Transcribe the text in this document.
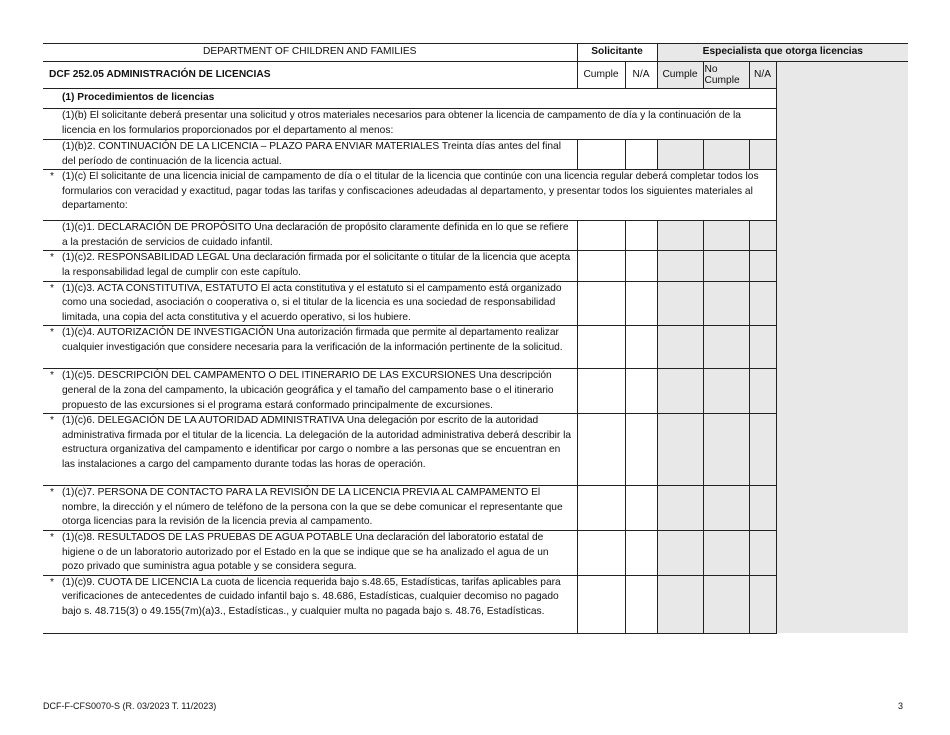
DEPARTMENT OF CHILDREN AND FAMILIES	Solicitante		Especialista que otorga licencias			
DCF 252.05 ADMINISTRACIÓN DE LICENCIAS	Cumple	N/A	Cumple	No Cumple	N/A	
(1) Procedimientos de licencias						

(1)(b) El solicitante deberá presentar una solicitud y otros materiales necesarios para obtener la licencia de campamento de día y la continuación de la licencia en los formularios proporcionados por el departamento al menos:						

(1)(b)2. CONTINUACIÓN DE LA LICENCIA – PLAZO PARA ENVIAR MATERIALES Treinta días antes del final del período de continuación de la licencia actual.						

* (1)(c) El solicitante de una licencia inicial de campamento de día o el titular de la licencia que continúe con una licencia regular deberá completar todos los formularios con veracidad y exactitud, pagar todas las tarifas y confiscaciones adeudadas al departamento, y presentar todos los siguientes materiales al departamento:						

(1)(c)1. DECLARACIÓN DE PROPÓSITO Una declaración de propósito claramente definida en lo que se refiere a la prestación de servicios de cuidado infantil.						

* (1)(c)2. RESPONSABILIDAD LEGAL Una declaración firmada por el solicitante o titular de la licencia que acepta la responsabilidad legal de cumplir con este capítulo.						

* (1)(c)3. ACTA CONSTITUTIVA, ESTATUTO El acta constitutiva y el estatuto si el campamento está organizado como una sociedad, asociación o cooperativa o, si el titular de la licencia es una sociedad de responsabilidad limitada, una copia del acta constitutiva y el acuerdo operativo, si los hubiere.						

* (1)(c)4. AUTORIZACIÓN DE INVESTIGACIÓN Una autorización firmada que permite al departamento realizar cualquier investigación que considere necesaria para la verificación de la información pertinente de la solicitud.						

* (1)(c)5. DESCRIPCIÓN DEL CAMPAMENTO O DEL ITINERARIO DE LAS EXCURSIONES Una descripción general de la zona del campamento, la ubicación geográfica y el tamaño del campamento base o el itinerario propuesto de las excursiones si el programa estará conformado principalmente de excursiones.						

* (1)(c)6. DELEGACIÓN DE LA AUTORIDAD ADMINISTRATIVA Una delegación por escrito de la autoridad administrativa firmada por el titular de la licencia. La delegación de la autoridad administrativa deberá describir la estructura organizativa del campamento e identificar por cargo o nombre a las personas que se encuentran en las instalaciones a cargo del campamento durante todas las horas de operación.						

* (1)(c)7. PERSONA DE CONTACTO PARA LA REVISIÓN DE LA LICENCIA PREVIA AL CAMPAMENTO El nombre, la dirección y el número de teléfono de la persona con la que se debe comunicar el representante que otorga licencias para la revisión de la licencia previa al campamento.						

* (1)(c)8. RESULTADOS DE LAS PRUEBAS DE AGUA POTABLE Una declaración del laboratorio estatal de higiene o de un laboratorio autorizado por el Estado en la que se indique que se ha analizado el agua de un pozo privado que suministra agua potable y se considera segura.						

* (1)(c)9. CUOTA DE LICENCIA La cuota de licencia requerida bajo s.48.65, Estadísticas, tarifas aplicables para verificaciones de antecedentes de cuidado infantil bajo s. 48.686, Estadísticas, cualquier decomiso no pagado bajo s. 48.715(3) o 49.155(7m)(a)3., Estadísticas., y cualquier multa no pagada bajo s. 48.76, Estadísticas.						
DCF-F-CFS0070-S (R. 03/2023 T. 11/2023)	3
